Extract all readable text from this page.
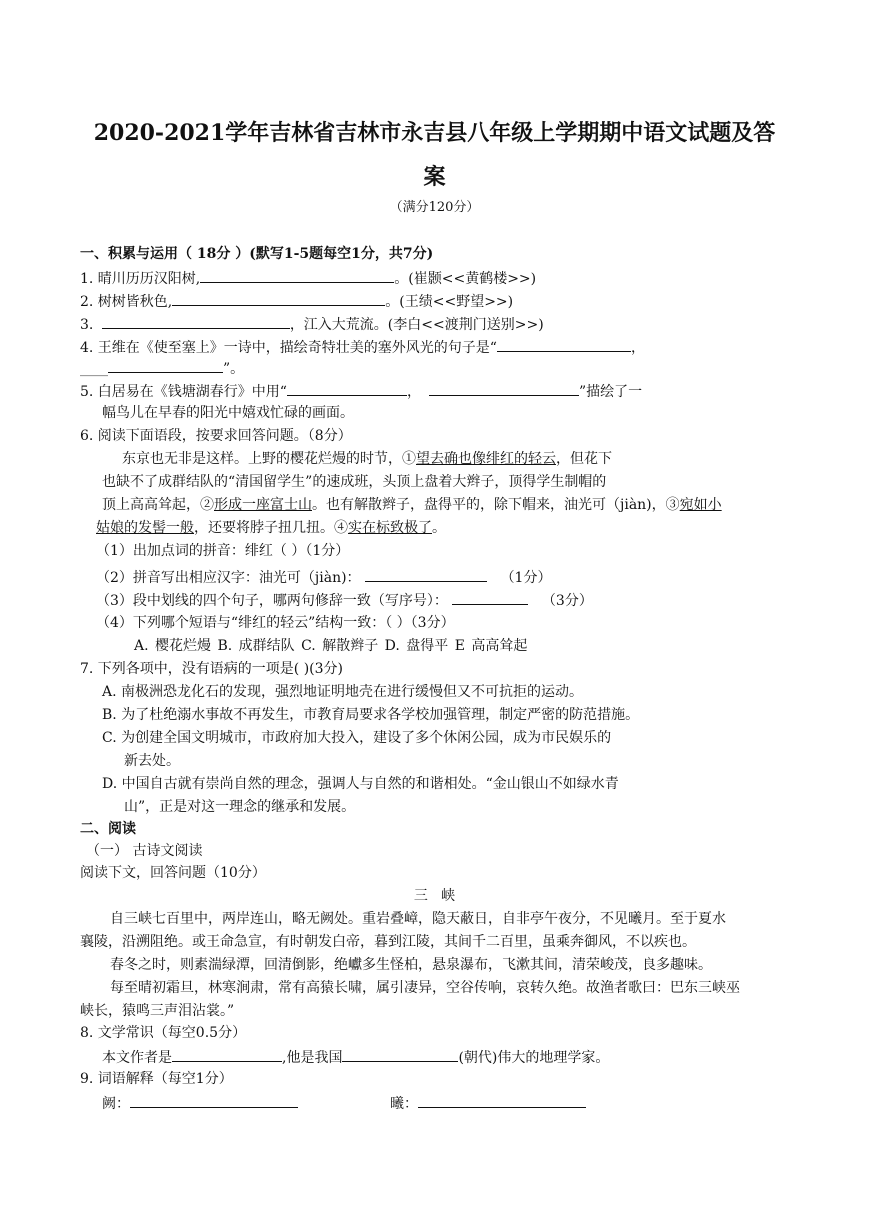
2020-2021学年吉林省吉林市永吉县八年级上学期期中语文试题及答
案
（满分120分）
一、积累与运用（ 18分 ）(默写1-5题每空1分，共7分)
1. 晴川历历汉阳树,	。(崔颢<<黄鹤楼>>)
2. 树树皆秋色,	。(王绩<<野望>>)
3.	，江入大荒流。(李白<<渡荆门送别>>)
4. 王维在《使至塞上》一诗中，描绘奇特壮美的塞外风光的句子是“	，
____	”。
5. 白居易在《钱塘湖春行》中用“	，	”描绘了一
幅鸟儿在早春的阳光中嬉戏忙碌的画面。
6. 阅读下面语段，按要求回答问题。（8分）
东京也无非是这样。上野的樱花烂熳的时节，①望去确也像绯红的轻云，但花下
也缺不了成群结队的“清国留学生”的速成班，头顶上盘着大辫子，顶得学生制帽的
顶上高高耸起，②形成一座富士山。也有解散辫子，盘得平的，除下帽来，油光可（jiàn)，③宛如小
姑娘的发髻一般，还要将脖子扭几扭。④实在标致极了。
（1）出加点词的拼音：绯红（ ）（1分）
（2）拼音写出相应汉字：油光可（jiàn)：	（1分）
（3）段中划线的四个句子，哪两句修辞一致（写序号）：	（3分）
（4）下列哪个短语与“绯红的轻云”结构一致：（ ）（3分）
A. 樱花烂熳 B. 成群结队 C. 解散辫子 D. 盘得平 E 高高耸起
7. 下列各项中，没有语病的一项是( )(3分)
A. 南极洲恐龙化石的发现，强烈地证明地壳在进行缓慢但又不可抗拒的运动。
B. 为了杜绝溺水事故不再发生，市教育局要求各学校加强管理，制定严密的防范措施。
C. 为创建全国文明城市，市政府加大投入，建设了多个休闲公园，成为市民娱乐的
新去处。
D. 中国自古就有崇尚自然的理念，强调人与自然的和谐相处。“金山银山不如绿水青
山”，正是对这一理念的继承和发展。
二、阅读
（一） 古诗文阅读
阅读下文，回答问题（10分）
三   峡
自三峡七百里中，两岸连山，略无阙处。重岩叠嶂，隐天蔽日，自非亭午夜分，不见曦月。至于夏水
襄陵，沿溯阻绝。或王命急宣，有时朝发白帝，暮到江陵，其间千二百里，虽乘奔御风，不以疾也。
春冬之时，则素湍绿潭，回清倒影，绝巘多生怪柏，悬泉瀑布，飞漱其间，清荣峻茂，良多趣味。
每至晴初霜旦，林寒涧肃，常有高猿长啸，属引凄异，空谷传响，哀转久绝。故渔者歌曰：巴东三峡巫
峡长，猿鸣三声泪沾裳。”
8. 文学常识（每空0.5分）
本文作者是	,他是我国	(朝代)伟大的地理学家。
9. 词语解释（每空1分）
阙：	曦：
